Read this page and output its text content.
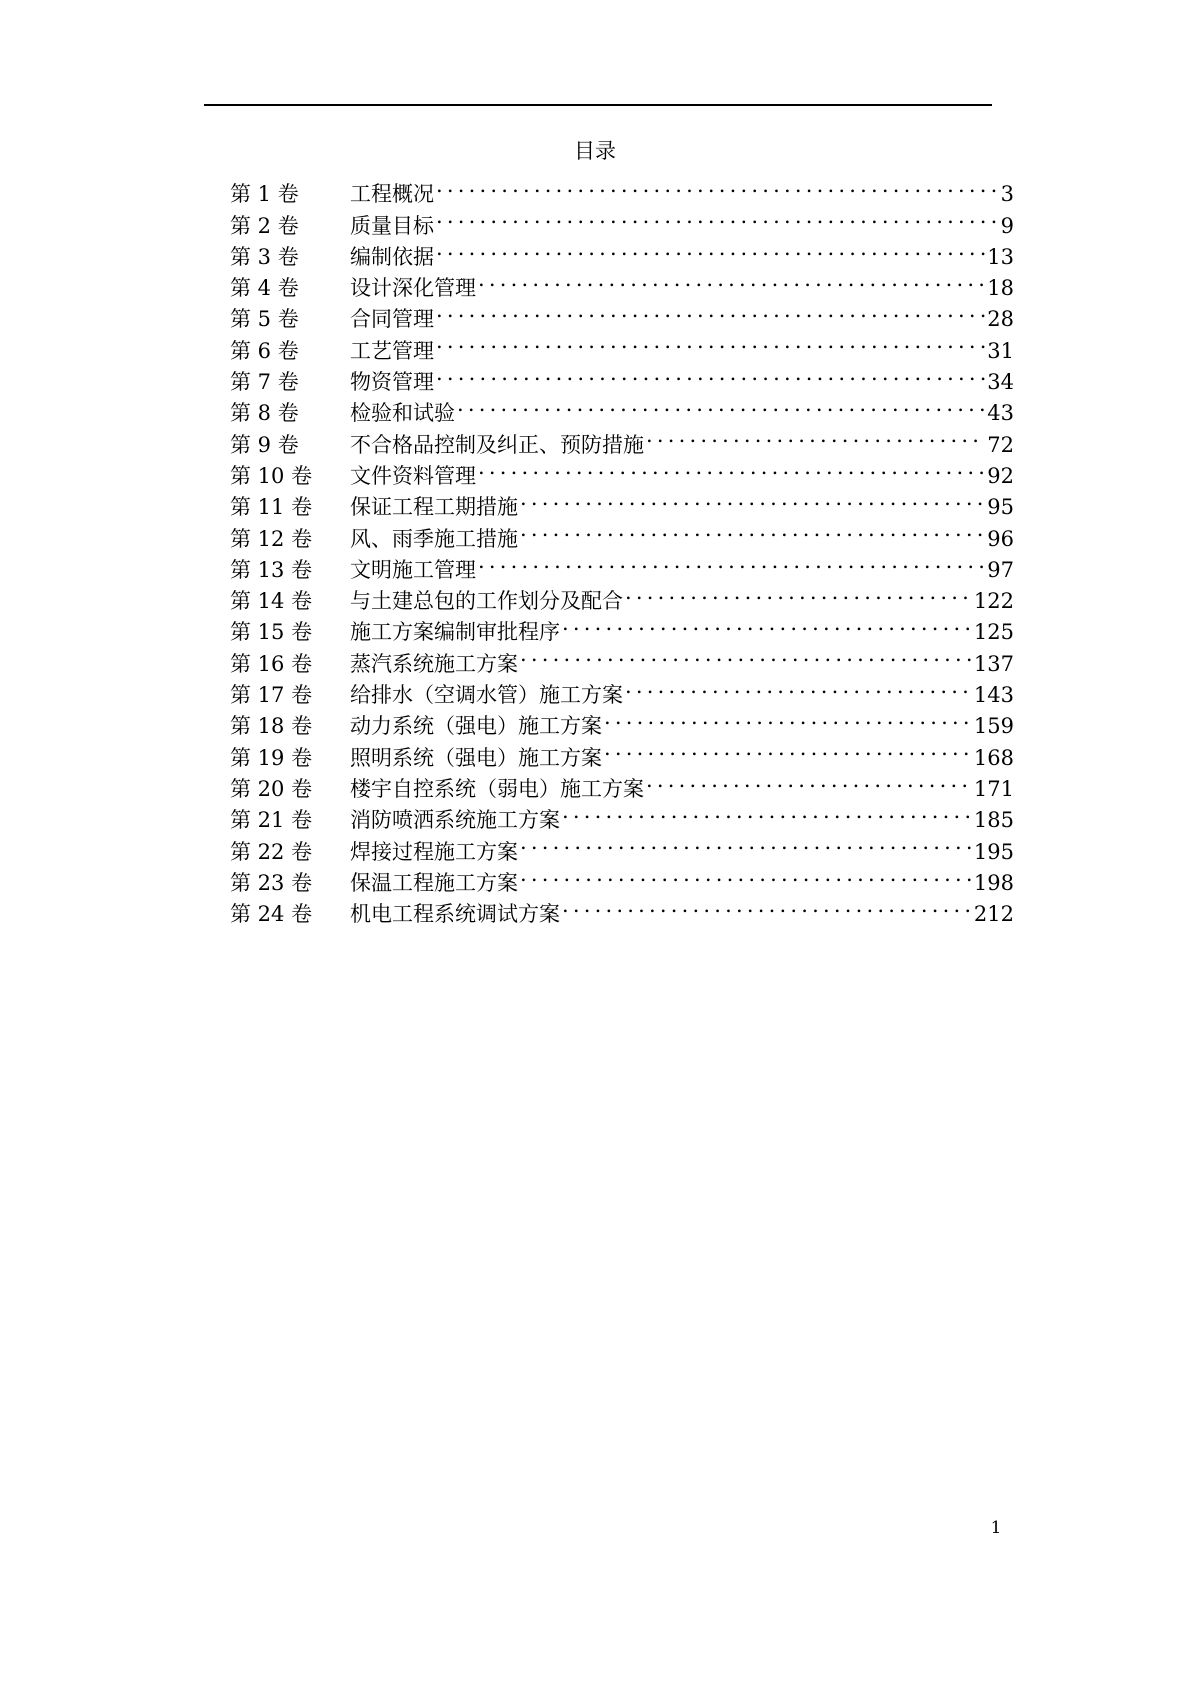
目录
第 1 卷	工程概况 .....	3
第 2 卷	质量目标 .....	9
第 3 卷	编制依据 .....	13
第 4 卷	设计深化管理 .....	18
第 5 卷	合同管理 .....	28
第 6 卷	工艺管理 .....	31
第 7 卷	物资管理 .....	34
第 8 卷	检验和试验 .....	43
第 9 卷	不合格品控制及纠正、预防措施 .....	72
第 10 卷	文件资料管理 .....	92
第 11 卷	保证工程工期措施 .....	95
第 12 卷	风、雨季施工措施 .....	96
第 13 卷	文明施工管理 .....	97
第 14 卷	与土建总包的工作划分及配合 .....	122
第 15 卷	施工方案编制审批程序 .....	125
第 16 卷	蒸汽系统施工方案 .....	137
第 17 卷	给排水（空调水管）施工方案 .....	143
第 18 卷	动力系统（强电）施工方案 .....	159
第 19 卷	照明系统（强电）施工方案 .....	168
第 20 卷	楼宇自控系统（弱电）施工方案 .....	171
第 21 卷	消防喷洒系统施工方案 .....	185
第 22 卷	焊接过程施工方案 .....	195
第 23 卷	保温工程施工方案 .....	198
第 24 卷	机电工程系统调试方案 .....	212
1
